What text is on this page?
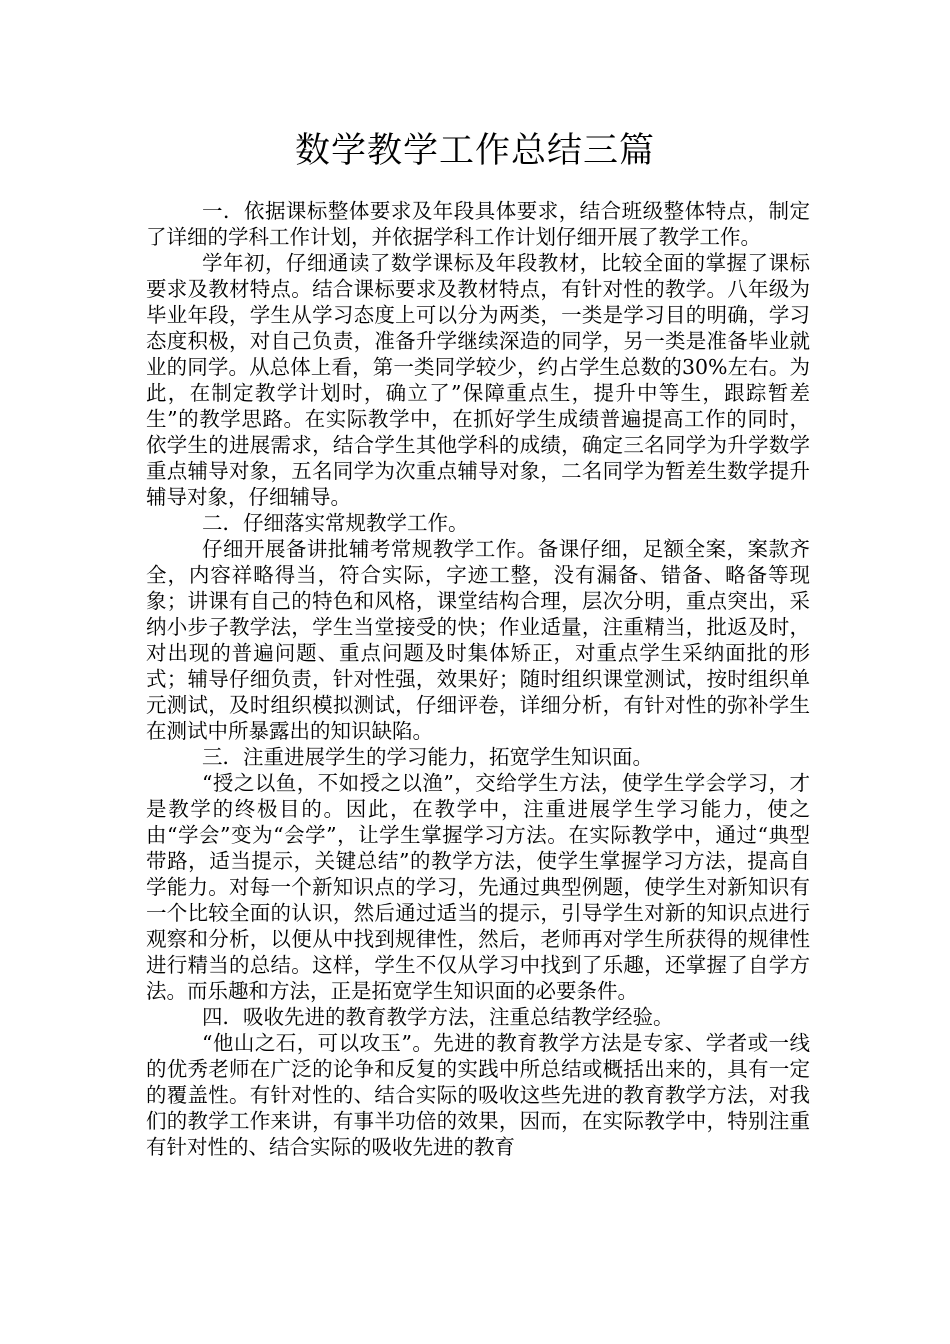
数学教学工作总结三篇

一．依据课标整体要求及年段具体要求，结合班级整体特点，制定了详细的学科工作计划，并依据学科工作计划仔细开展了教学工作。

学年初，仔细通读了数学课标及年段教材，比较全面的掌握了课标要求及教材特点。结合课标要求及教材特点，有针对性的教学。八年级为毕业年段，学生从学习态度上可以分为两类，一类是学习目的明确，学习态度积极，对自己负责，准备升学继续深造的同学，另一类是准备毕业就业的同学。从总体上看，第一类同学较少，约占学生总数的30%左右。为此，在制定教学计划时，确立了”保障重点生，提升中等生，跟踪暂差生”的教学思路。在实际教学中，在抓好学生成绩普遍提高工作的同时，依学生的进展需求，结合学生其他学科的成绩，确定三名同学为升学数学重点辅导对象，五名同学为次重点辅导对象，二名同学为暂差生数学提升辅导对象，仔细辅导。

二．仔细落实常规教学工作。

仔细开展备讲批辅考常规教学工作。备课仔细，足额全案，案款齐全，内容祥略得当，符合实际，字迹工整，没有漏备、错备、略备等现象；讲课有自己的特色和风格，课堂结构合理，层次分明，重点突出，采纳小步子教学法，学生当堂接受的快；作业适量，注重精当，批返及时，对出现的普遍问题、重点问题及时集体矫正，对重点学生采纳面批的形式；辅导仔细负责，针对性强，效果好；随时组织课堂测试，按时组织单元测试，及时组织模拟测试，仔细评卷，详细分析，有针对性的弥补学生在测试中所暴露出的知识缺陷。

三．注重进展学生的学习能力，拓宽学生知识面。

“授之以鱼，不如授之以渔”，交给学生方法，使学生学会学习，才是教学的终极目的。因此，在教学中，注重进展学生学习能力，使之由“学会”变为“会学”，让学生掌握学习方法。在实际教学中，通过“典型带路，适当提示，关键总结”的教学方法，使学生掌握学习方法，提高自学能力。对每一个新知识点的学习，先通过典型例题，使学生对新知识有一个比较全面的认识，然后通过适当的提示，引导学生对新的知识点进行观察和分析，以便从中找到规律性，然后，老师再对学生所获得的规律性进行精当的总结。这样，学生不仅从学习中找到了乐趣，还掌握了自学方法。而乐趣和方法，正是拓宽学生知识面的必要条件。

四．吸收先进的教育教学方法，注重总结教学经验。

“他山之石，可以攻玉”。先进的教育教学方法是专家、学者或一线的优秀老师在广泛的论争和反复的实践中所总结或概括出来的，具有一定的覆盖性。有针对性的、结合实际的吸收这些先进的教育教学方法，对我们的教学工作来讲，有事半功倍的效果，因而，在实际教学中，特别注重有针对性的、结合实际的吸收先进的教育
